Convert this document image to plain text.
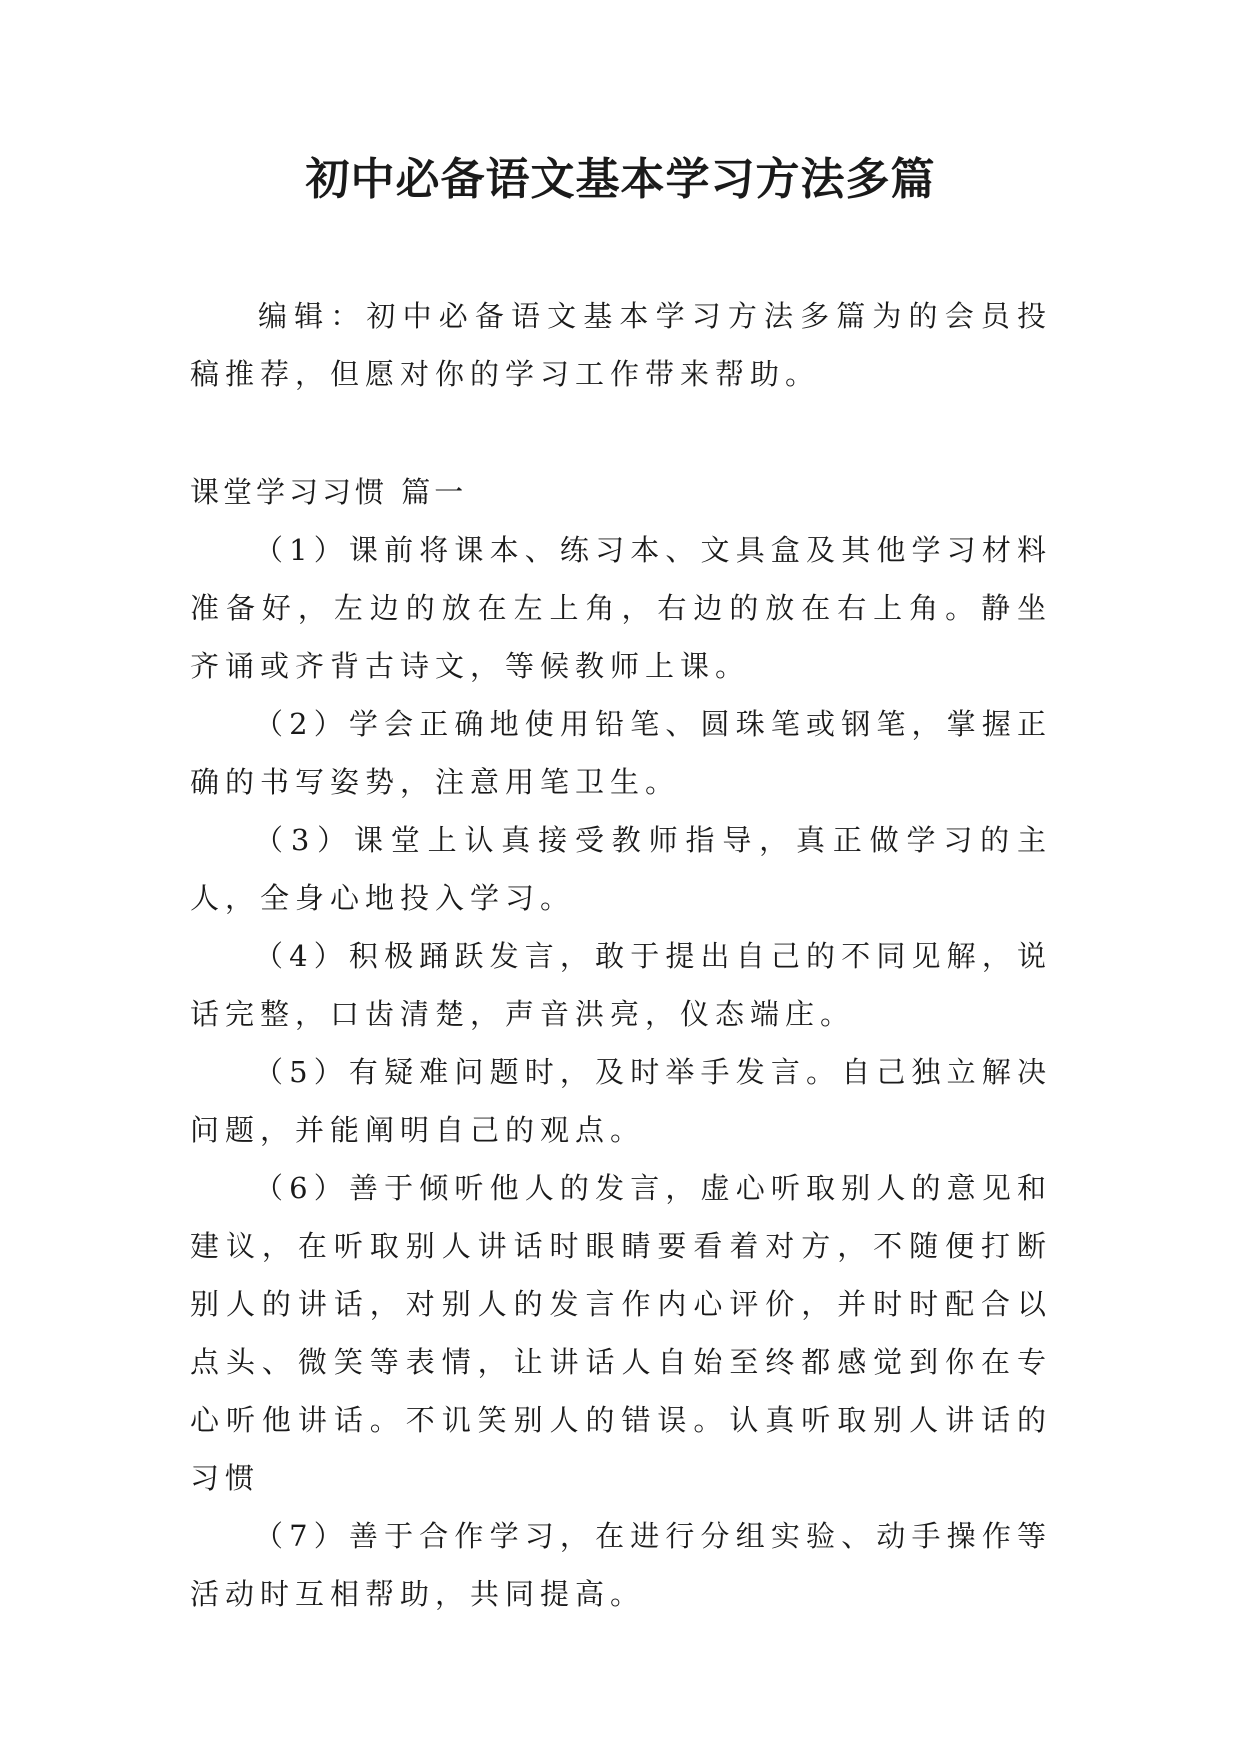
初中必备语文基本学习方法多篇

编辑：初中必备语文基本学习方法多篇为的会员投稿推荐，但愿对你的学习工作带来帮助。

课堂学习习惯 篇一

（1）课前将课本、练习本、文具盒及其他学习材料准备好，左边的放在左上角，右边的放在右上角。静坐齐诵或齐背古诗文，等候教师上课。

（2）学会正确地使用铅笔、圆珠笔或钢笔，掌握正确的书写姿势，注意用笔卫生。

（3）课堂上认真接受教师指导，真正做学习的主人，全身心地投入学习。

（4）积极踊跃发言，敢于提出自己的不同见解，说话完整，口齿清楚，声音洪亮，仪态端庄。

（5）有疑难问题时，及时举手发言。自己独立解决问题，并能阐明自己的观点。

（6）善于倾听他人的发言，虚心听取别人的意见和建议，在听取别人讲话时眼睛要看着对方，不随便打断别人的讲话，对别人的发言作内心评价，并时时配合以点头、微笑等表情，让讲话人自始至终都感觉到你在专心听他讲话。不讥笑别人的错误。认真听取别人讲话的习惯

（7）善于合作学习，在进行分组实验、动手操作等活动时互相帮助，共同提高。
